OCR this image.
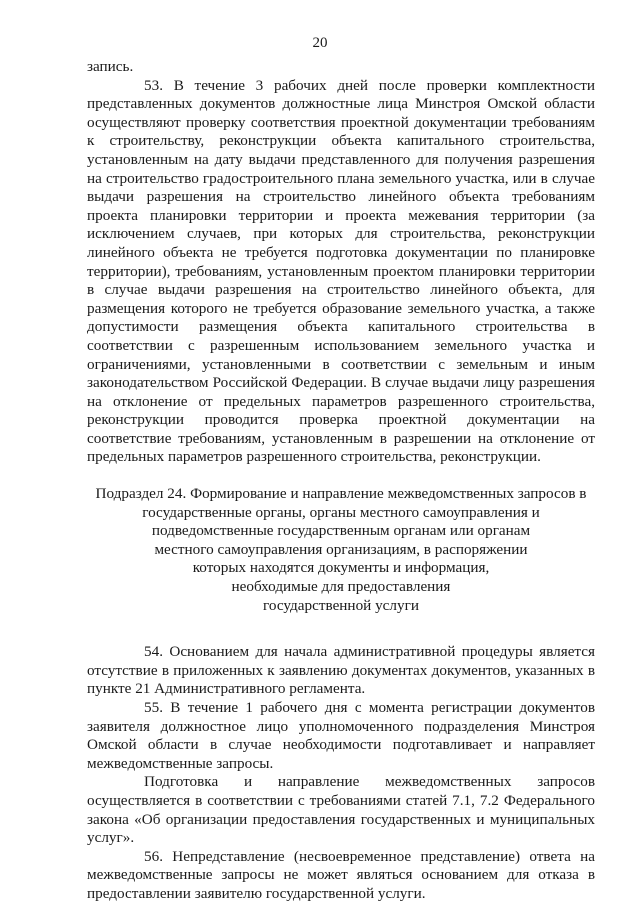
20

запись.

53. В течение 3 рабочих дней после проверки комплектности представленных документов должностные лица Минстроя Омской области осуществляют проверку соответствия проектной документации требованиям к строительству, реконструкции объекта капитального строительства, установленным на дату выдачи представленного для получения разрешения на строительство градостроительного плана земельного участка, или в случае выдачи разрешения на строительство линейного объекта требованиям проекта планировки территории и проекта межевания территории (за исключением случаев, при которых для строительства, реконструкции линейного объекта не требуется подготовка документации по планировке территории), требованиям, установленным проектом планировки территории в случае выдачи разрешения на строительство линейного объекта, для размещения которого не требуется образование земельного участка, а также допустимости размещения объекта капитального строительства в соответствии с разрешенным использованием земельного участка и ограничениями, установленными в соответствии с земельным и иным законодательством Российской Федерации. В случае выдачи лицу разрешения на отклонение от предельных параметров разрешенного строительства, реконструкции проводится проверка проектной документации на соответствие требованиям, установленным в разрешении на отклонение от предельных параметров разрешенного строительства, реконструкции.

Подраздел 24. Формирование и направление межведомственных запросов в
государственные органы, органы местного самоуправления и
подведомственные государственным органам или органам
местного самоуправления организациям, в распоряжении
которых находятся документы и информация,
необходимые для предоставления
государственной услуги

54. Основанием для начала административной процедуры является отсутствие в приложенных к заявлению документах документов, указанных в пункте 21 Административного регламента.

55. В течение 1 рабочего дня с момента регистрации документов заявителя должностное лицо уполномоченного подразделения Минстроя Омской области в случае необходимости подготавливает и направляет межведомственные запросы.

Подготовка и направление межведомственных запросов осуществляется в соответствии с требованиями статей 7.1, 7.2 Федерального закона «Об организации предоставления государственных и муниципальных услуг».

56. Непредставление (несвоевременное представление) ответа на межведомственные запросы не может являться основанием для отказа в предоставлении заявителю государственной услуги.
